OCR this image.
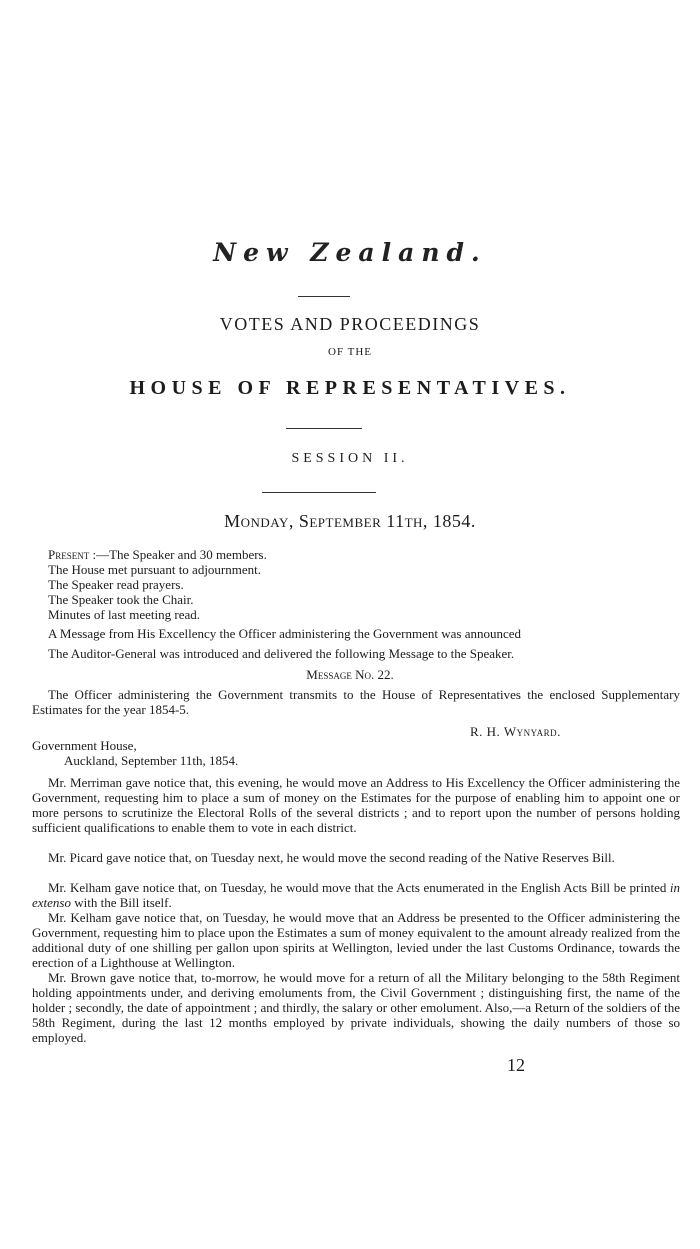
New Zealand.
VOTES AND PROCEEDINGS
OF THE
HOUSE OF REPRESENTATIVES.
SESSION II.
Monday, September 11th, 1854.
Present :—The Speaker and 30 members.
The House met pursuant to adjournment.
The Speaker read prayers.
The Speaker took the Chair.
Minutes of last meeting read.
A Message from His Excellency the Officer administering the Government was announced
The Auditor-General was introduced and delivered the following Message to the Speaker.
Message No. 22.
The Officer administering the Government transmits to the House of Representatives the enclosed Supplementary Estimates for the year 1854-5.
R. H. Wynyard.
Government House,
Auckland, September 11th, 1854.
Mr. Merriman gave notice that, this evening, he would move an Address to His Excellency the Officer administering the Government, requesting him to place a sum of money on the Estimates for the purpose of enabling him to appoint one or more persons to scrutinize the Electoral Rolls of the several districts ; and to report upon the number of persons holding sufficient qualifications to enable them to vote in each district.
Mr. Picard gave notice that, on Tuesday next, he would move the second reading of the Native Reserves Bill.
Mr. Kelham gave notice that, on Tuesday, he would move that the Acts enumerated in the English Acts Bill be printed in extenso with the Bill itself.
Mr. Kelham gave notice that, on Tuesday, he would move that an Address be presented to the Officer administering the Government, requesting him to place upon the Estimates a sum of money equivalent to the amount already realized from the additional duty of one shilling per gallon upon spirits at Wellington, levied under the last Customs Ordinance, towards the erection of a Lighthouse at Wellington.
Mr. Brown gave notice that, to-morrow, he would move for a return of all the Military belonging to the 58th Regiment holding appointments under, and deriving emoluments from, the Civil Government ; distinguishing first, the name of the holder ; secondly, the date of appointment ; and thirdly, the salary or other emolument. Also,—a Return of the soldiers of the 58th Regiment, during the last 12 months employed by private individuals, showing the daily numbers of those so employed.
12
